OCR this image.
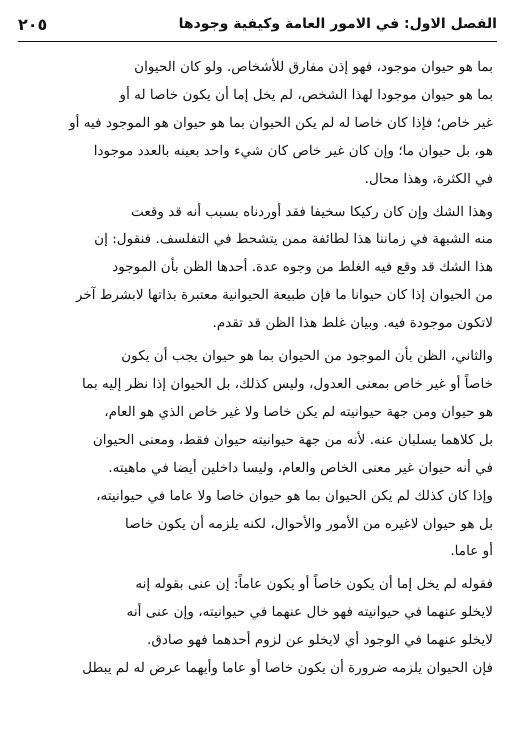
الفصل الاول: في الامور العامة وكيفية وجودها
٢٠٥

بما هو حيوان موجود، فهو إذن مفارق للأشخاص. ولو كان الحيوان
بما هو حيوان موجودا لهذا الشخص، لم يخل إما أن يكون خاصا له أو
غير خاص؛ فإذا كان خاصا له لم يكن الحيوان بما هو حيوان هو الموجود فيه أو
هو، بل حيوان ما؛ وإن كان غير خاص كان شيء واحد بعينه بالعدد موجودا
في الكثرة، وهذا محال.

وهذا الشك وإن كان ركيكا سخيفا فقد أوردناه بسبب أنه قد وقعت
منه الشبهة في زماننا هذا لطائفة ممن يتشحط في التفلسف. فنقول: إن
هذا الشك قد وقع فيه الغلط من وجوه عدة. أحدها الظن بأن الموجود
من الحيوان إذا كان حيوانا ما فإن طبيعة الحيوانية معتبرة بذاتها لابشرط آخر
لاتكون موجودة فيه. وبيان غلط هذا الظن قد تقدم.

والثاني، الظن بأن الموجود من الحيوان بما هو حيوان يجب أن يكون
خاصاً أو غير خاص بمعنى العدول، وليس كذلك، بل الحيوان إذا نظر إليه بما
هو حيوان ومن جهة حيوانيته لم يكن خاصا ولا غير خاص الذي هو العام،
بل كلاهما يسلبان عنه. لأنه من جهة حيوانيته حيوان فقط، ومعنى الحيوان
في أنه حيوان غير معنى الخاص والعام، وليسا داخلين أيضا في ماهيته.
وإذا كان كذلك لم يكن الحيوان بما هو حيوان خاصا ولا عاما في حيوانيته،
بل هو حيوان لاغيره من الأمور والأحوال، لكنه يلزمه أن يكون خاصا
أو عاما.

فقوله لم يخل إما أن يكون خاصاً أو يكون عاماً: إن عنى بقوله إنه
لايخلو عنهما في حيوانيته فهو خال عنهما في حيوانيته، وإن عنى أنه
لايخلو عنهما في الوجود أي لايخلو عن لزوم أحدهما فهو صادق.
فإن الحيوان يلزمه ضرورة أن يكون خاصا أو عاما وأيهما عرض له لم يبطل
